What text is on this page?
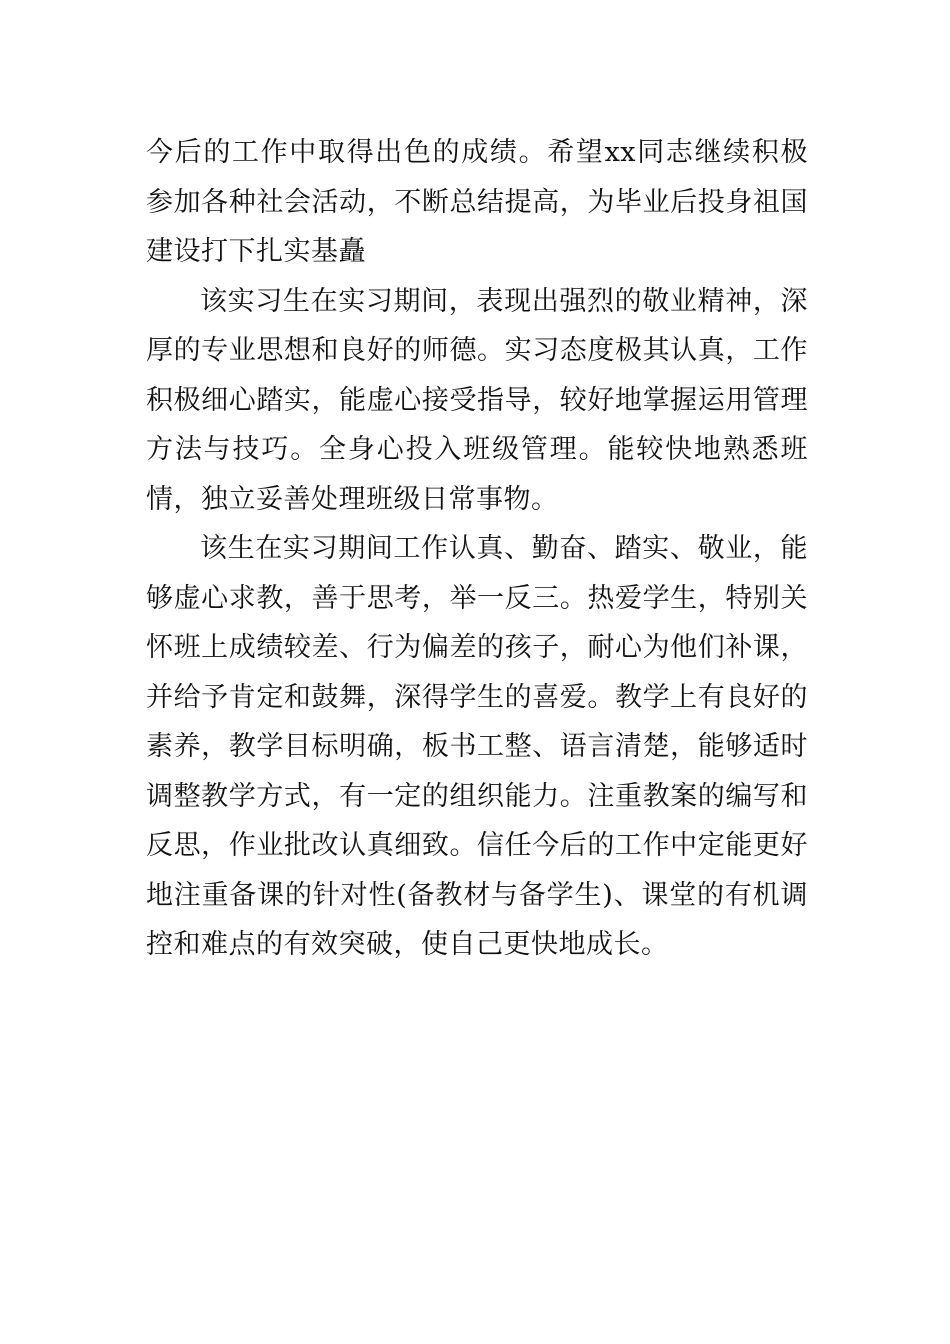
今后的工作中取得出色的成绩。希望xx同志继续积极参加各种社会活动，不断总结提高，为毕业后投身祖国建设打下扎实基矗

该实习生在实习期间，表现出强烈的敬业精神，深厚的专业思想和良好的师德。实习态度极其认真，工作积极细心踏实，能虚心接受指导，较好地掌握运用管理方法与技巧。全身心投入班级管理。能较快地熟悉班情，独立妥善处理班级日常事物。

该生在实习期间工作认真、勤奋、踏实、敬业，能够虚心求教，善于思考，举一反三。热爱学生，特别关怀班上成绩较差、行为偏差的孩子，耐心为他们补课，并给予肯定和鼓舞，深得学生的喜爱。教学上有良好的素养，教学目标明确，板书工整、语言清楚，能够适时调整教学方式，有一定的组织能力。注重教案的编写和反思，作业批改认真细致。信任今后的工作中定能更好地注重备课的针对性(备教材与备学生)、课堂的有机调控和难点的有效突破，使自己更快地成长。
